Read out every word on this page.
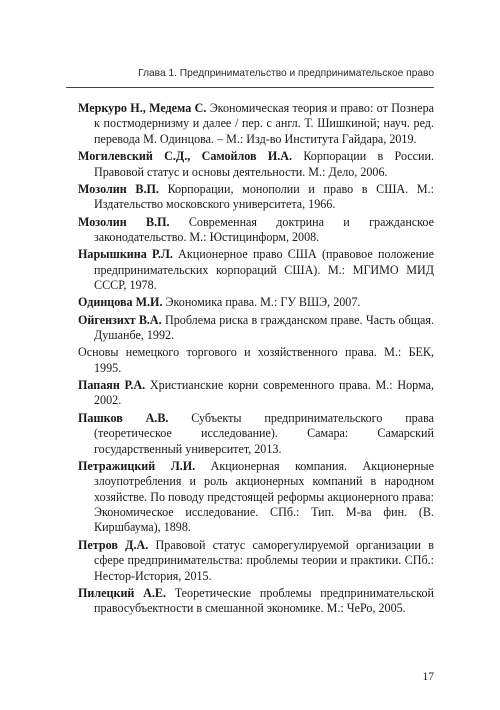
Глава 1. Предпринимательство и предпринимательское право
Меркуро Н., Медема С. Экономическая теория и право: от Познера к постмодернизму и далее / пер. с англ. Т. Шишкиной; науч. ред. перевода М. Одинцова. – М.: Изд-во Института Гайдара, 2019.
Могилевский С.Д., Самойлов И.А. Корпорации в России. Правовой статус и основы деятельности. М.: Дело, 2006.
Мозолин В.П. Корпорации, монополии и право в США. М.: Издательство московского университета, 1966.
Мозолин В.П. Современная доктрина и гражданское законодательство. М.: Юстицинформ, 2008.
Нарышкина Р.Л. Акционерное право США (правовое положение предпринимательских корпораций США). М.: МГИМО МИД СССР, 1978.
Одинцова М.И. Экономика права. М.: ГУ ВШЭ, 2007.
Ойгензихт В.А. Проблема риска в гражданском праве. Часть общая. Душанбе, 1992.
Основы немецкого торгового и хозяйственного права. М.: БЕК, 1995.
Папаян Р.А. Христианские корни современного права. М.: Норма, 2002.
Пашков А.В. Субъекты предпринимательского права (теоретическое исследование). Самара: Самарский государственный университет, 2013.
Петражицкий Л.И. Акционерная компания. Акционерные злоупотребления и роль акционерных компаний в народном хозяйстве. По поводу предстоящей реформы акционерного права: Экономическое исследование. СПб.: Тип. М-ва фин. (В. Киршбаума), 1898.
Петров Д.А. Правовой статус саморегулируемой организации в сфере предпринимательства: проблемы теории и практики. СПб.: Нестор-История, 2015.
Пилецкий А.Е. Теоретические проблемы предпринимательской правосубъектности в смешанной экономике. М.: ЧеРо, 2005.
17
